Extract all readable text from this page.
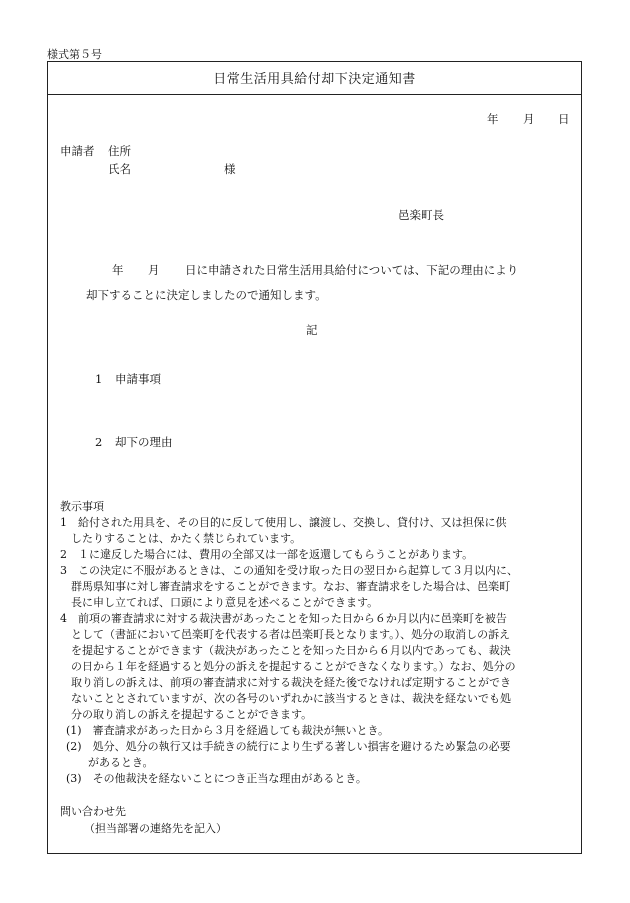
様式第５号
日常生活用具給付却下決定通知書
年 月 日
申請者 住所
氏名	様
邑楽町長
年 月 日に申請された日常生活用具給付については、下記の理由により
却下することに決定しましたので通知します。
記
1 申請事項
2 却下の理由
教示事項
1　給付された用具を、その目的に反して使用し、譲渡し、交換し、貸付け、又は担保に供
　したりすることは、かたく禁じられています。
2　１に違反した場合には、費用の全部又は一部を返還してもらうことがあります。
3　この決定に不服があるときは、この通知を受け取った日の翌日から起算して３月以内に、
　群馬県知事に対し審査請求をすることができます。なお、審査請求をした場合は、邑楽町
　長に申し立てれば、口頭により意見を述べることができます。
4　前項の審査請求に対する裁決書があったことを知った日から６か月以内に邑楽町を被告
　として（書証において邑楽町を代表する者は邑楽町長となります。）、処分の取消しの訴え
　を提起することができます（裁決があったことを知った日から６月以内であっても、裁決
　の日から１年を経過すると処分の訴えを提起することができなくなります。）なお、処分の
　取り消しの訴えは、前項の審査請求に対する裁決を経た後でなければ定期することができ
　ないこととされていますが、次の各号のいずれかに該当するときは、裁決を経ないでも処
　分の取り消しの訴えを提起することができます。
(1)　審査請求があった日から３月を経過しても裁決が無いとき。
(2)　処分、処分の執行又は手続きの続行により生ずる著しい損害を避けるため緊急の必要
　　があるとき。
(3)　その他裁決を経ないことにつき正当な理由があるとき。
問い合わせ先
（担当部署の連絡先を記入）
